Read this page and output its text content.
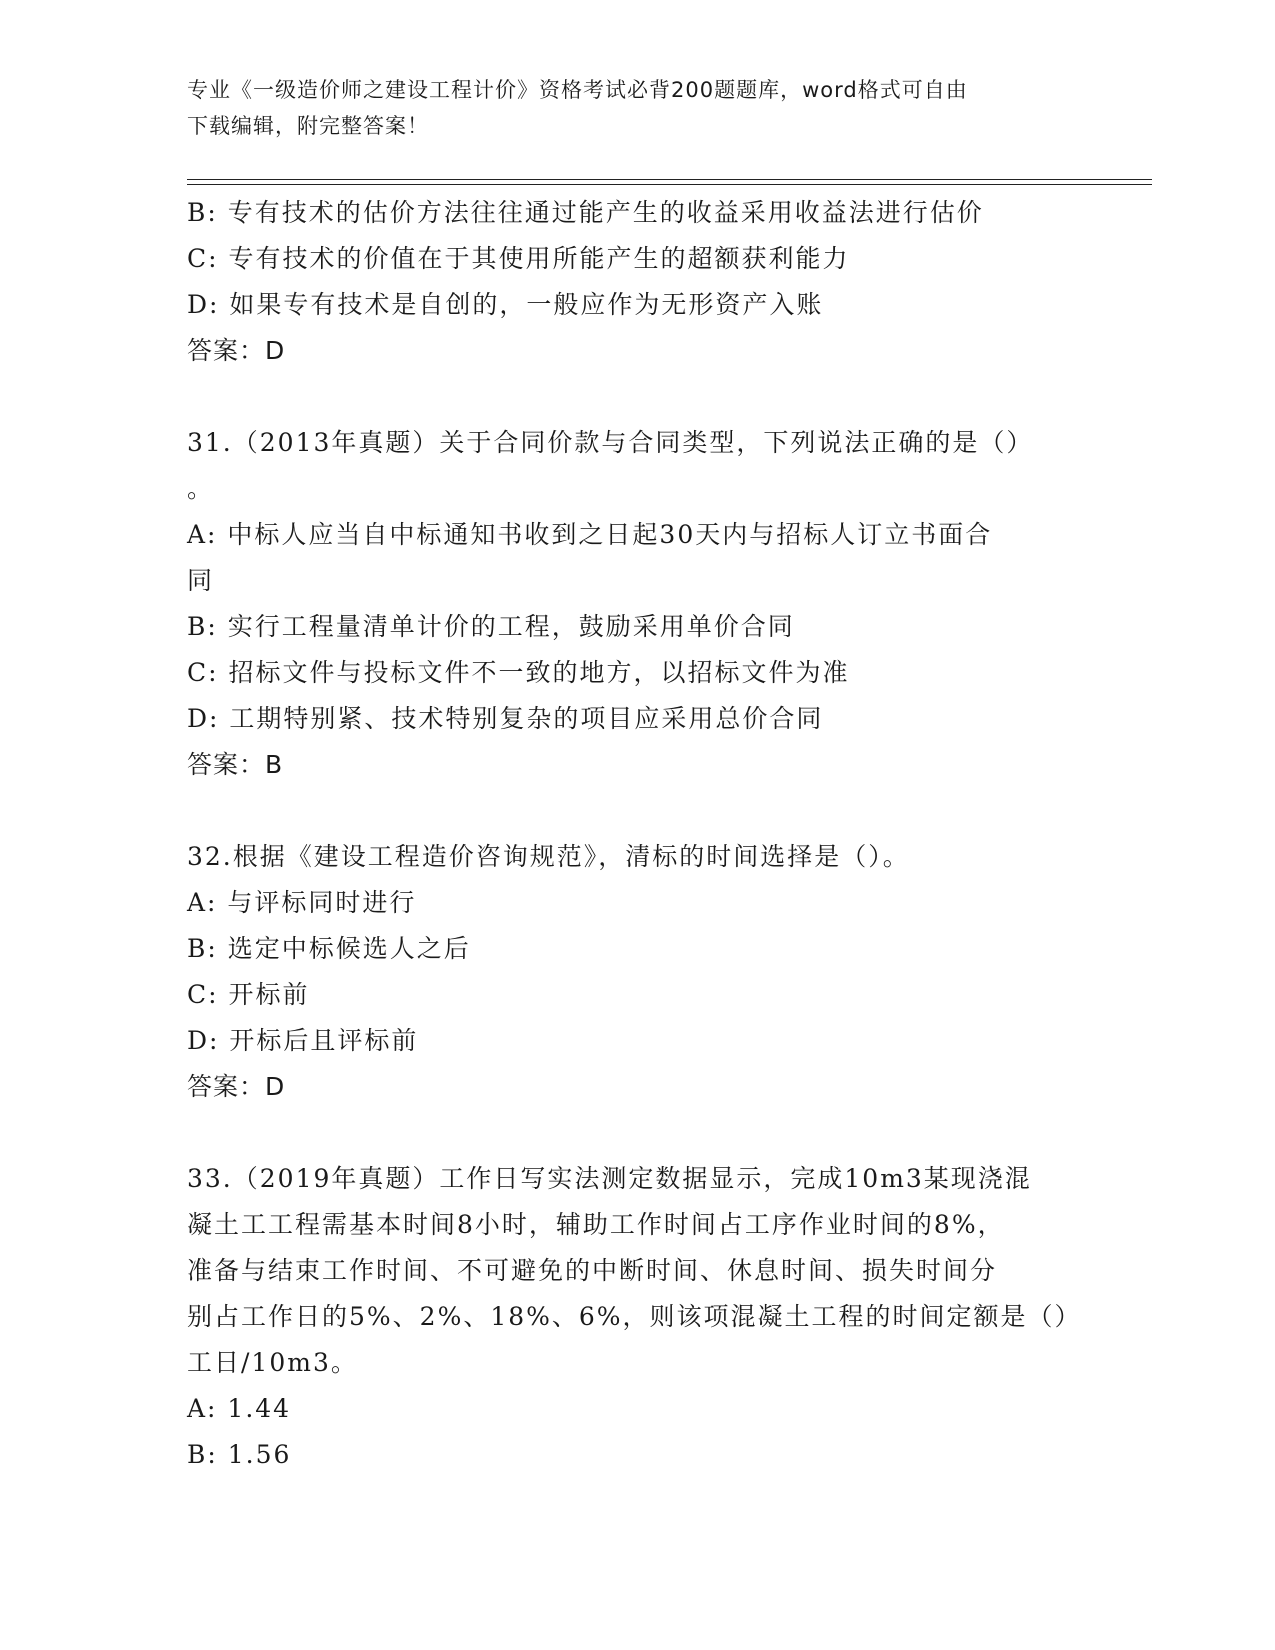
专业《一级造价师之建设工程计价》资格考试必背200题题库，word格式可自由
下载编辑，附完整答案！
B: 专有技术的估价方法往往通过能产生的收益采用收益法进行估价
C: 专有技术的价值在于其使用所能产生的超额获利能力
D: 如果专有技术是自创的，一般应作为无形资产入账
答案：D
31.（2013年真题）关于合同价款与合同类型，下列说法正确的是（）
。
A: 中标人应当自中标通知书收到之日起30天内与招标人订立书面合
同
B: 实行工程量清单计价的工程，鼓励采用单价合同
C: 招标文件与投标文件不一致的地方，以招标文件为准
D: 工期特别紧、技术特别复杂的项目应采用总价合同
答案：B
32.根据《建设工程造价咨询规范》，清标的时间选择是（）。
A: 与评标同时进行
B: 选定中标候选人之后
C: 开标前
D: 开标后且评标前
答案：D
33.（2019年真题）工作日写实法测定数据显示，完成10m3某现浇混
凝土工工程需基本时间8小时，辅助工作时间占工序作业时间的8%，
准备与结束工作时间、不可避免的中断时间、休息时间、损失时间分
别占工作日的5%、2%、18%、6%，则该项混凝土工程的时间定额是（）
工日/10m3。
A: 1.44
B: 1.56
